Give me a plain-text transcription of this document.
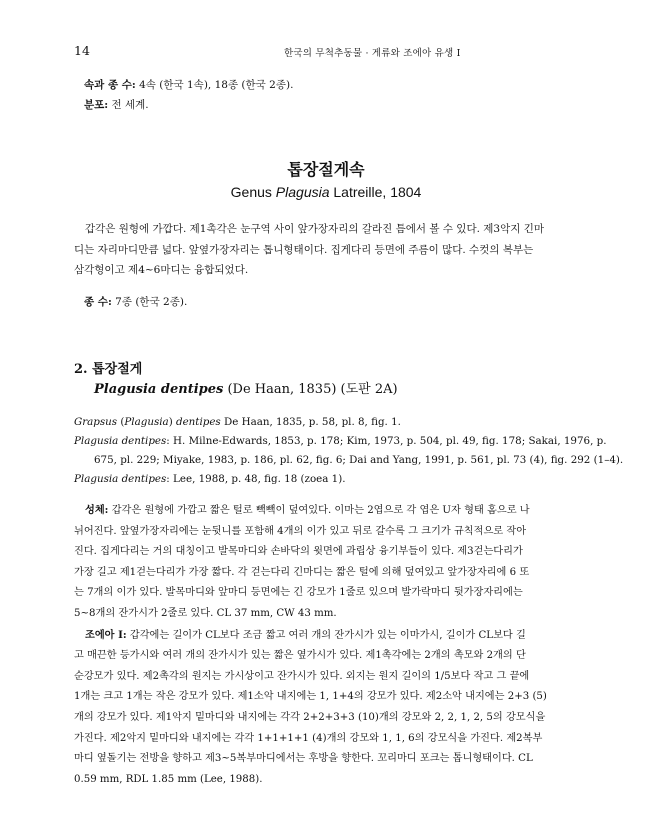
14	한국의 무척추동물 · 게류와 조에아 유생 I
속과 종 수: 4속 (한국 1속), 18종 (한국 2종).
분포: 전 세계.
톱장절게속
Genus Plagusia Latreille, 1804
갑각은 원형에 가깝다. 제1촉각은 눈구역 사이 앞가장자리의 갈라진 틈에서 볼 수 있다. 제3악지 긴마
디는 자리마디만큼 넓다. 앞옆가장자리는 톱니형태이다. 집게다리 등면에 주름이 많다. 수컷의 복부는
삼각형이고 제4~6마디는 융합되었다.
종 수: 7종 (한국 2종).
2. 톱장절게
Plagusia dentipes (De Haan, 1835) (도판 2A)
Grapsus (Plagusia) dentipes De Haan, 1835, p. 58, pl. 8, fig. 1.
Plagusia dentipes: H. Milne-Edwards, 1853, p. 178; Kim, 1973, p. 504, pl. 49, fig. 178; Sakai, 1976, p.
675, pl. 229; Miyake, 1983, p. 186, pl. 62, fig. 6; Dai and Yang, 1991, p. 561, pl. 73 (4), fig. 292 (1–4).
Plagusia dentipes: Lee, 1988, p. 48, fig. 18 (zoea 1).
성체: 갑각은 원형에 가깝고 짧은 털로 빽빽이 덮여있다. 이마는 2엽으로 각 엽은 U자 형태 홈으로 나
뉘어진다. 앞옆가장자리에는 눈뒷니를 포함해 4개의 이가 있고 뒤로 갈수록 그 크기가 규칙적으로 작아
진다. 집게다리는 거의 대칭이고 발목마디와 손바닥의 윗면에 과립상 융기부들이 있다. 제3걷는다리가
가장 길고 제1걷는다리가 가장 짧다. 각 걷는다리 긴마디는 짧은 털에 의해 덮여있고 앞가장자리에 6 또
는 7개의 이가 있다. 발목마디와 앞마디 등면에는 긴 강모가 1줄로 있으며 발가락마디 뒷가장자리에는
5~8개의 잔가시가 2줄로 있다. CL 37 mm, CW 43 mm.
조에아 I: 갑각에는 길이가 CL보다 조금 짧고 여러 개의 잔가시가 있는 이마가시, 길이가 CL보다 길
고 매끈한 등가시와 여러 개의 잔가시가 있는 짧은 옆가시가 있다. 제1촉각에는 2개의 촉모와 2개의 단
순강모가 있다. 제2촉각의 원지는 가시상이고 잔가시가 있다. 외지는 원지 길이의 1/5보다 작고 그 끝에
1개는 크고 1개는 작은 강모가 있다. 제1소악 내지에는 1, 1+4의 강모가 있다. 제2소악 내지에는 2+3 (5)
개의 강모가 있다. 제1악지 밑마디와 내지에는 각각 2+2+3+3 (10)개의 강모와 2, 2, 1, 2, 5의 강모식을
가진다. 제2악지 밑마디와 내지에는 각각 1+1+1+1 (4)개의 강모와 1, 1, 6의 강모식을 가진다. 제2복부
마디 옆돌기는 전방을 향하고 제3~5복부마디에서는 후방을 향한다. 꼬리마디 포크는 톱니형태이다. CL
0.59 mm, RDL 1.85 mm (Lee, 1988).
